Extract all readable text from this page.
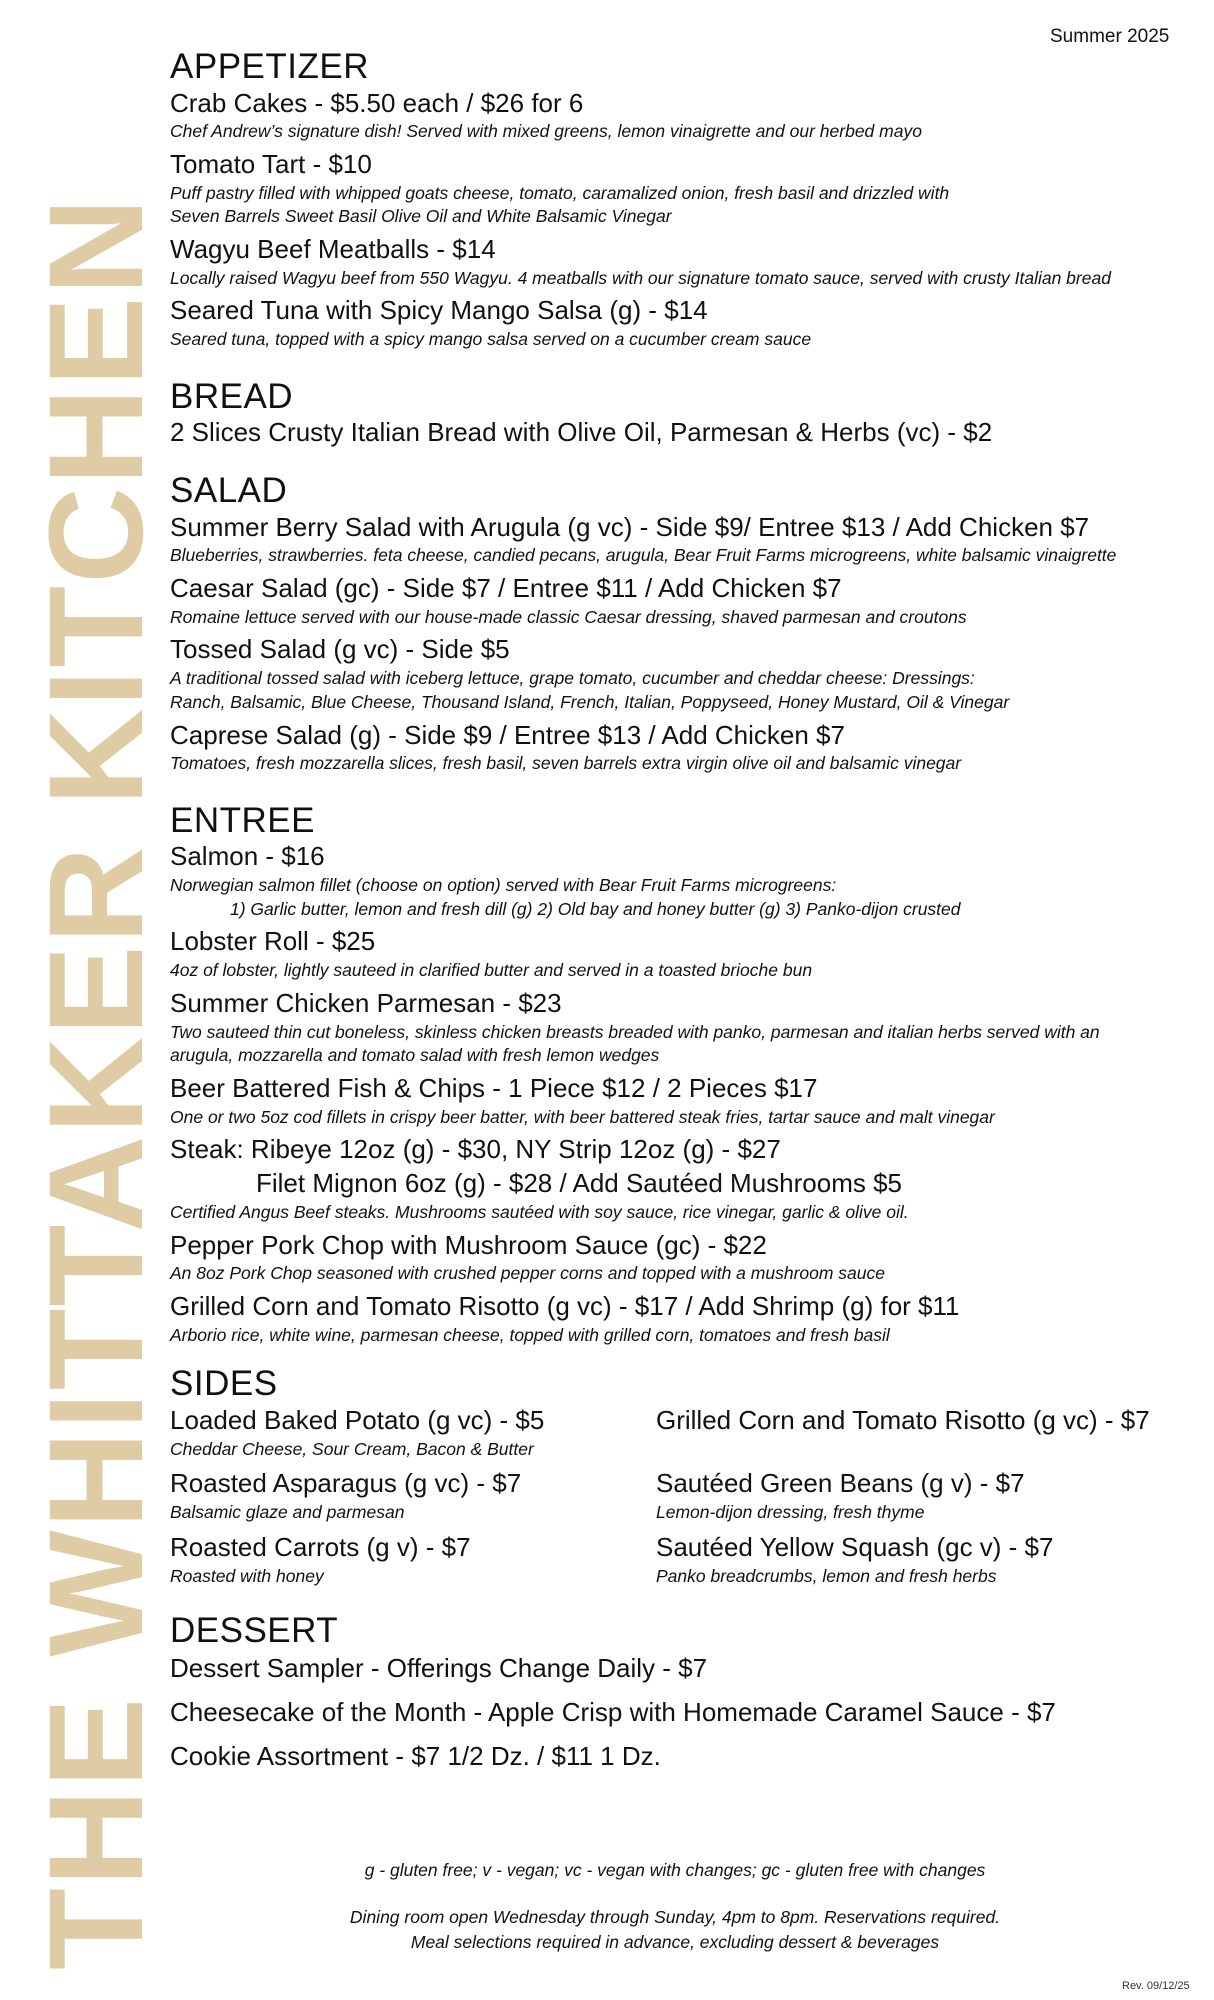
THE WHITTAKER KITCHEN
Summer 2025
APPETIZER

Crab Cakes - $5.50 each / $26 for 6

Chef Andrew’s signature dish! Served with mixed greens, lemon vinaigrette and our herbed mayo

Tomato Tart - $10

Puff pastry filled with whipped goats cheese, tomato, caramalized onion, fresh basil and drizzled with
Seven Barrels Sweet Basil Olive Oil and White Balsamic Vinegar

Wagyu Beef Meatballs - $14

Locally raised Wagyu beef from 550 Wagyu. 4 meatballs with our signature tomato sauce, served with crusty Italian bread

Seared Tuna with Spicy Mango Salsa (g) - $14

Seared tuna, topped with a spicy mango salsa served on a cucumber cream sauce

BREAD

2 Slices Crusty Italian Bread with Olive Oil, Parmesan & Herbs (vc) - $2

SALAD

Summer Berry Salad with Arugula (g vc) - Side $9/ Entree $13 / Add Chicken $7

Blueberries, strawberries. feta cheese, candied pecans, arugula, Bear Fruit Farms microgreens, white balsamic vinaigrette

Caesar Salad (gc) - Side $7 / Entree $11 / Add Chicken $7

Romaine lettuce served with our house-made classic Caesar dressing, shaved parmesan and croutons

Tossed Salad (g vc) - Side $5

A traditional tossed salad with iceberg lettuce, grape tomato, cucumber and cheddar cheese: Dressings:
Ranch, Balsamic, Blue Cheese, Thousand Island, French, Italian, Poppyseed, Honey Mustard, Oil & Vinegar

Caprese Salad (g) - Side $9 / Entree $13 / Add Chicken $7

Tomatoes, fresh mozzarella slices, fresh basil, seven barrels extra virgin olive oil and balsamic vinegar

ENTREE

Salmon - $16

Norwegian salmon fillet (choose on option) served with Bear Fruit Farms microgreens:
1) Garlic butter, lemon and fresh dill (g) 2) Old bay and honey butter (g) 3) Panko-dijon crusted

Lobster Roll - $25

4oz of lobster, lightly sauteed in clarified butter and served in a toasted brioche bun

Summer Chicken Parmesan - $23

Two sauteed thin cut boneless, skinless chicken breasts breaded with panko, parmesan and italian herbs served with an
arugula, mozzarella and tomato salad with fresh lemon wedges

Beer Battered Fish & Chips - 1 Piece $12 / 2 Pieces $17

One or two 5oz cod fillets in crispy beer batter, with beer battered steak fries, tartar sauce and malt vinegar

Steak: Ribeye 12oz (g) - $30, NY Strip 12oz (g) - $27
Filet Mignon 6oz (g) - $28 / Add Sautéed Mushrooms $5

Certified Angus Beef steaks. Mushrooms sautéed with soy sauce, rice vinegar, garlic & olive oil.

Pepper Pork Chop with Mushroom Sauce (gc) - $22

An 8oz Pork Chop seasoned with crushed pepper corns and topped with a mushroom sauce

Grilled Corn and Tomato Risotto (g vc) - $17 / Add Shrimp (g) for $11

Arborio rice, white wine, parmesan cheese, topped with grilled corn, tomatoes and fresh basil

SIDES

Loaded Baked Potato (g vc) - $5

Cheddar Cheese, Sour Cream, Bacon & Butter

Grilled Corn and Tomato Risotto (g vc) - $7

Roasted Asparagus (g vc) - $7

Balsamic glaze and parmesan

Sautéed Green Beans (g v) - $7

Lemon-dijon dressing, fresh thyme

Roasted Carrots (g v) - $7

Roasted with honey

Sautéed Yellow Squash (gc v) - $7

Panko breadcrumbs, lemon and fresh herbs

DESSERT

Dessert Sampler - Offerings Change Daily - $7

Cheesecake of the Month - Apple Crisp with Homemade Caramel Sauce - $7

Cookie Assortment - $7 1/2 Dz. / $11 1 Dz.

g - gluten free; v - vegan; vc - vegan with changes; gc - gluten free with changes
Dining room open Wednesday through Sunday, 4pm to 8pm. Reservations required.
Meal selections required in advance, excluding dessert & beverages
Rev. 09/12/25
